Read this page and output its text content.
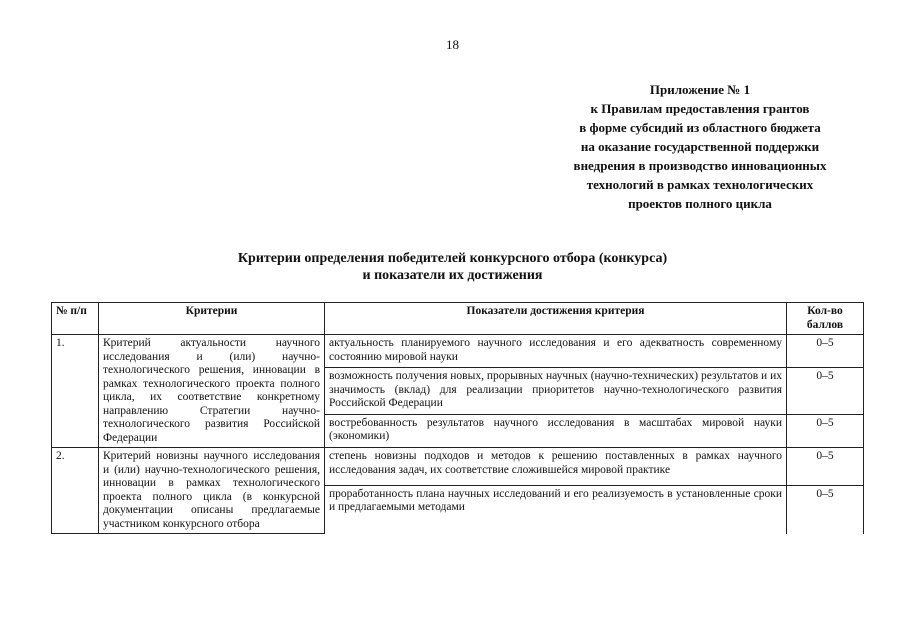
18
Приложение № 1
к Правилам предоставления грантов
в форме субсидий из областного бюджета
на оказание государственной поддержки
внедрения в производство инновационных
технологий в рамках технологических
проектов полного цикла
Критерии определения победителей конкурсного отбора (конкурса)
и показатели их достижения
№ п/п	Критерии	Показатели достижения критерия	Кол-во баллов
1.	Критерий актуальности научного исследования и (или) научно-технологического решения, инновации в рамках технологического проекта полного цикла, их соответствие конкретному направлению Стратегии научно-технологического развития Российской Федерации	актуальность планируемого научного исследования и его адекватность современному состоянию мировой науки	0–5
		возможность получения новых, прорывных научных (научно-технических) результатов и их значимость (вклад) для реализации приоритетов научно-технологического развития Российской Федерации	0–5
		востребованность результатов научного исследования в масштабах мировой науки (экономики)	0–5
2.	Критерий новизны научного исследования и (или) научно-технологического решения, инновации в рамках технологического проекта полного цикла (в конкурсной документации описаны предлагаемые участником конкурсного отбора	степень новизны подходов и методов к решению поставленных в рамках научного исследования задач, их соответствие сложившейся мировой практике	0–5
		проработанность плана научных исследований и его реализуемость в установленные сроки и предлагаемыми методами	0–5
